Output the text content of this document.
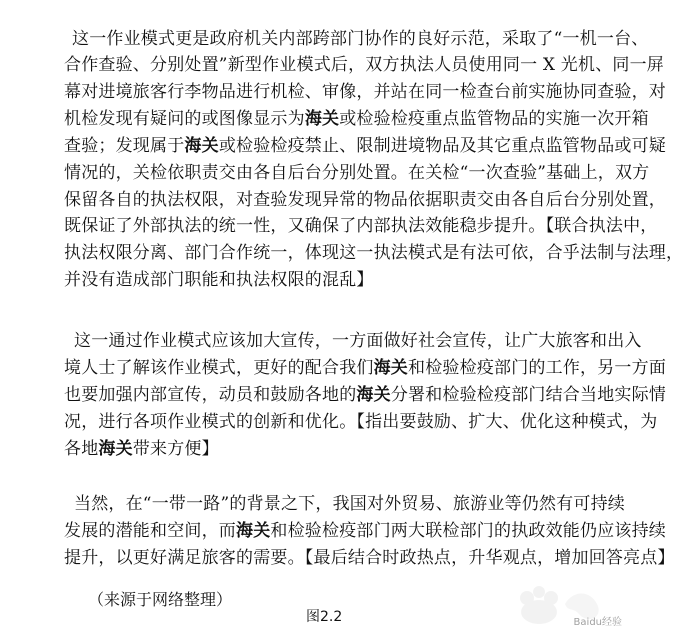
这一作业模式更是政府机关内部跨部门协作的良好示范，采取了“一机一台、
合作查验、分别处置”新型作业模式后，双方执法人员使用同一 X 光机、同一屏
幕对进境旅客行李物品进行机检、审像，并站在同一检查台前实施协同查验，对
机检发现有疑问的或图像显示为海关或检验检疫重点监管物品的实施一次开箱
查验；发现属于海关或检验检疫禁止、限制进境物品及其它重点监管物品或可疑
情况的，关检依职责交由各自后台分别处置。在关检“一次查验”基础上，双方
保留各自的执法权限，对查验发现异常的物品依据职责交由各自后台分别处置，
既保证了外部执法的统一性，又确保了内部执法效能稳步提升。【联合执法中，
执法权限分离、部门合作统一，体现这一执法模式是有法可依，合乎法制与法理，
并没有造成部门职能和执法权限的混乱】
这一通过作业模式应该加大宣传，一方面做好社会宣传，让广大旅客和出入
境人士了解该作业模式，更好的配合我们海关和检验检疫部门的工作，另一方面
也要加强内部宣传，动员和鼓励各地的海关分署和检验检疫部门结合当地实际情
况，进行各项作业模式的创新和优化。【指出要鼓励、扩大、优化这种模式，为
各地海关带来方便】
当然，在“一带一路”的背景之下，我国对外贸易、旅游业等仍然有可持续
发展的潜能和空间，而海关和检验检疫部门两大联检部门的执政效能仍应该持续
提升，以更好满足旅客的需要。【最后结合时政热点，升华观点，增加回答亮点】
（来源于网络整理）
图2.2	Baidu经验
